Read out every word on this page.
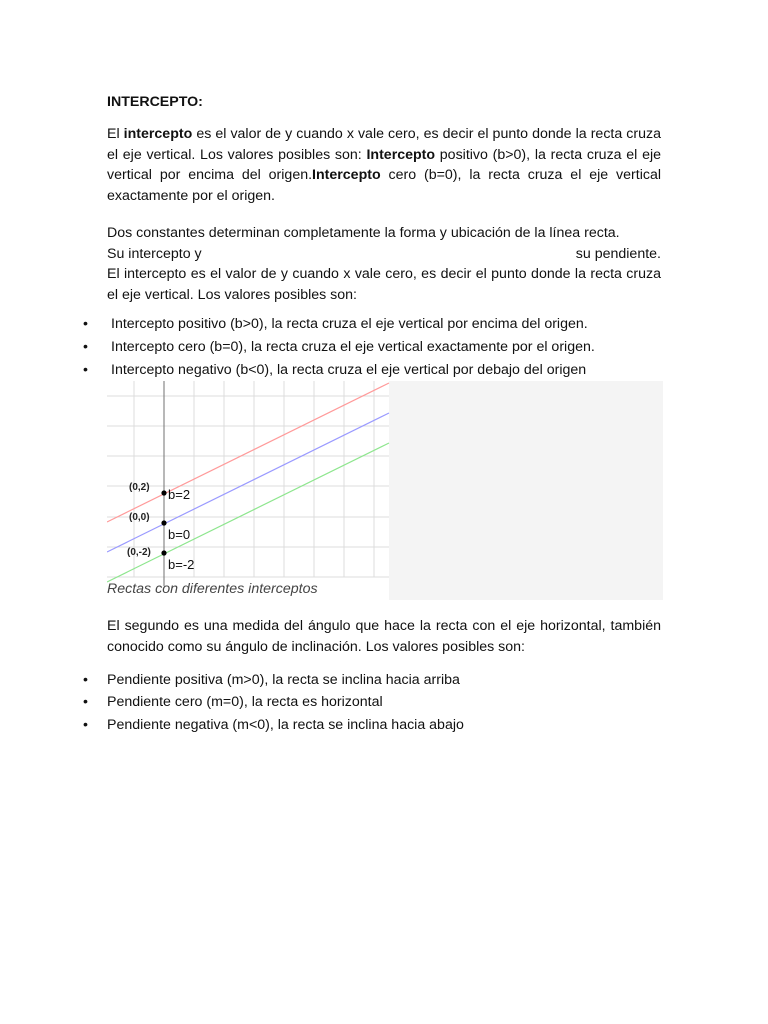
INTERCEPTO:
El intercepto es el valor de y cuando x vale cero, es decir el punto donde la recta cruza el eje vertical. Los valores posibles son: Intercepto positivo (b>0), la recta cruza el eje vertical por encima del origen.Intercepto cero (b=0), la recta cruza el eje vertical exactamente por el origen.
Dos constantes determinan completamente la forma y ubicación de la línea recta.
Su intercepto y	su pendiente.
El intercepto es el valor de y cuando x vale cero, es decir el punto donde la recta cruza el eje vertical. Los valores posibles son:
• Intercepto positivo (b>0), la recta cruza el eje vertical por encima del origen.
• Intercepto cero (b=0), la recta cruza el eje vertical exactamente por el origen.
• Intercepto negativo (b<0), la recta cruza el eje vertical por debajo del origen
(0,2)
(0,0)
(0,-2)
b=2
b=0
b=-2
Rectas con diferentes interceptos
El segundo es una medida del ángulo que hace la recta con el eje horizontal, también conocido como su ángulo de inclinación. Los valores posibles son:
• Pendiente positiva (m>0), la recta se inclina hacia arriba
• Pendiente cero (m=0), la recta es horizontal
• Pendiente negativa (m<0), la recta se inclina hacia abajo
